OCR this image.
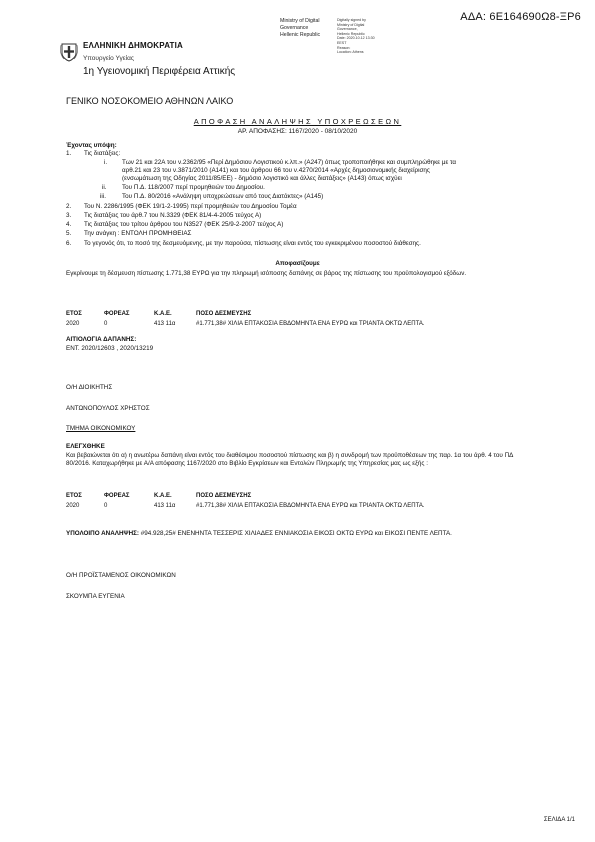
ΑΔΑ: 6Ε164690Ω8-ΞΡ6
Ministry of Digital
Governance
Hellenic Republic
Digitally signed by
Ministry of Digital
Governance,
Hellenic Republic
Date: 2020.10.12 13:30
EEST
Reason:
Location: Athens
ΕΛΛΗΝΙΚΗ ΔΗΜΟΚΡΑΤΙΑ
Υπουργείο Υγείας
1η Υγειονομική Περιφέρεια Αττικής
ΓΕΝΙΚΟ ΝΟΣΟΚΟΜΕΙΟ ΑΘΗΝΩΝ ΛΑΙΚΟ
ΑΠΟΦΑΣΗ ΑΝΑΛΗΨΗΣ ΥΠΟΧΡΕΩΣΕΩΝ
ΑΡ. ΑΠΟΦΑΣΗΣ: 1167/2020 - 08/10/2020
Έχοντας υπόψη:
1. Τις διατάξεις:
i. Των 21 και 22Α του ν.2362/95 «Περί Δημόσιου Λογιστικού κ.λπ.» (Α247) όπως τροποποιήθηκε και συμπληρώθηκε με τα αρθ.21 και 23 του ν.3871/2010 (Α141) και του άρθρου 66 του ν.4270/2014 «Αρχές δημοσιονομικής διαχείρισης (ενσωμάτωση της Οδηγίας 2011/85/ΕΕ) - δημόσιο λογιστικό και άλλες διατάξεις» (Α143) όπως ισχύει
ii. Του Π.Δ. 118/2007 περί προμηθειών του Δημοσίου.
iii.	Του Π.Δ. 80/2016 «Ανάληψη υποχρεώσεων από τους Διατάκτες» (Α145)
2. Του Ν. 2286/1995 (ΦΕΚ 19/1-2-1995) περί προμηθειών του Δημοσίου Τομέα
3. Τις διατάξεις του άρθ.7 του Ν.3329 (ΦΕΚ 81/4-4-2005 τεύχος Α)
4. Τις διατάξεις του τρίτου άρθρου του Ν3527 (ΦΕΚ 25/9-2-2007 τεύχος Α)
5. Την ανάγκη : ΕΝΤΟΛΗ ΠΡΟΜΗΘΕΙΑΣ
6. Το γεγονός ότι, το ποσό της δεσμευόμενης, με την παρούσα, πίστωσης είναι εντός του εγκεκριμένου ποσοστού διάθεσης.
Αποφασίζουμε
Εγκρίνουμε τη δέσμευση πίστωσης 1.771,38 ΕΥΡΩ για την πληρωμή ισόποσης δαπάνης σε βάρος της πίστωσης του προϋπολογισμού εξόδων.
ΕΤΟΣ	ΦΟΡΕΑΣ	Κ.Α.Ε.	ΠΟΣΟ ΔΕΣΜΕΥΣΗΣ
2020	0	413 11α	#1.771,38# ΧΙΛΙΑ ΕΠΤΑΚΟΣΙΑ ΕΒΔΟΜΗΝΤΑ ΕΝΑ ΕΥΡΩ και ΤΡΙΑΝΤΑ ΟΚΤΩ ΛΕΠΤΑ.
ΑΙΤΙΟΛΟΓΙΑ ΔΑΠΑΝΗΣ:
ΕΝΤ. 2020/12603 , 2020/13219
Ο/Η ΔΙΟΙΚΗΤΗΣ
ΑΝΤΩΝΟΠΟΥΛΟΣ ΧΡΗΣΤΟΣ
ΤΜΗΜΑ ΟΙΚΟΝΟΜΙΚΟΥ
ΕΛΕΓΧΘΗΚΕ
Και βεβαιώνεται ότι α) η ανωτέρω δαπάνη είναι εντός του διαθέσιμου ποσοστού πίστωσης και β) η συνδρομή των προϋποθέσεων της παρ. 1α του άρθ. 4 του ΠΔ 80/2016. Καταχωρήθηκε με Α/Α απόφασης 1167/2020 στο Βιβλίο Εγκρίσεων και Εντολών Πληρωμής της Υπηρεσίας μας ως εξής :
ΕΤΟΣ	ΦΟΡΕΑΣ	Κ.Α.Ε.	ΠΟΣΟ ΔΕΣΜΕΥΣΗΣ
2020	0	413 11α	#1.771,38# ΧΙΛΙΑ ΕΠΤΑΚΟΣΙΑ ΕΒΔΟΜΗΝΤΑ ΕΝΑ ΕΥΡΩ και ΤΡΙΑΝΤΑ ΟΚΤΩ ΛΕΠΤΑ.
ΥΠΟΛΟΙΠΟ ΑΝΑΛΗΨΗΣ: #94.928,25# ΕΝΕΝΗΝΤΑ ΤΕΣΣΕΡΙΣ ΧΙΛΙΑΔΕΣ ΕΝΝΙΑΚΟΣΙΑ ΕΙΚΟΣΙ ΟΚΤΩ ΕΥΡΩ και ΕΙΚΟΣΙ ΠΕΝΤΕ ΛΕΠΤΑ.
Ο/Η ΠΡΟΪΣΤΑΜΕΝΟΣ ΟΙΚΟΝΟΜΙΚΩΝ
ΣΚΟΥΜΠΑ ΕΥΓΕΝΙΑ
ΣΕΛΙΔΑ 1/1
